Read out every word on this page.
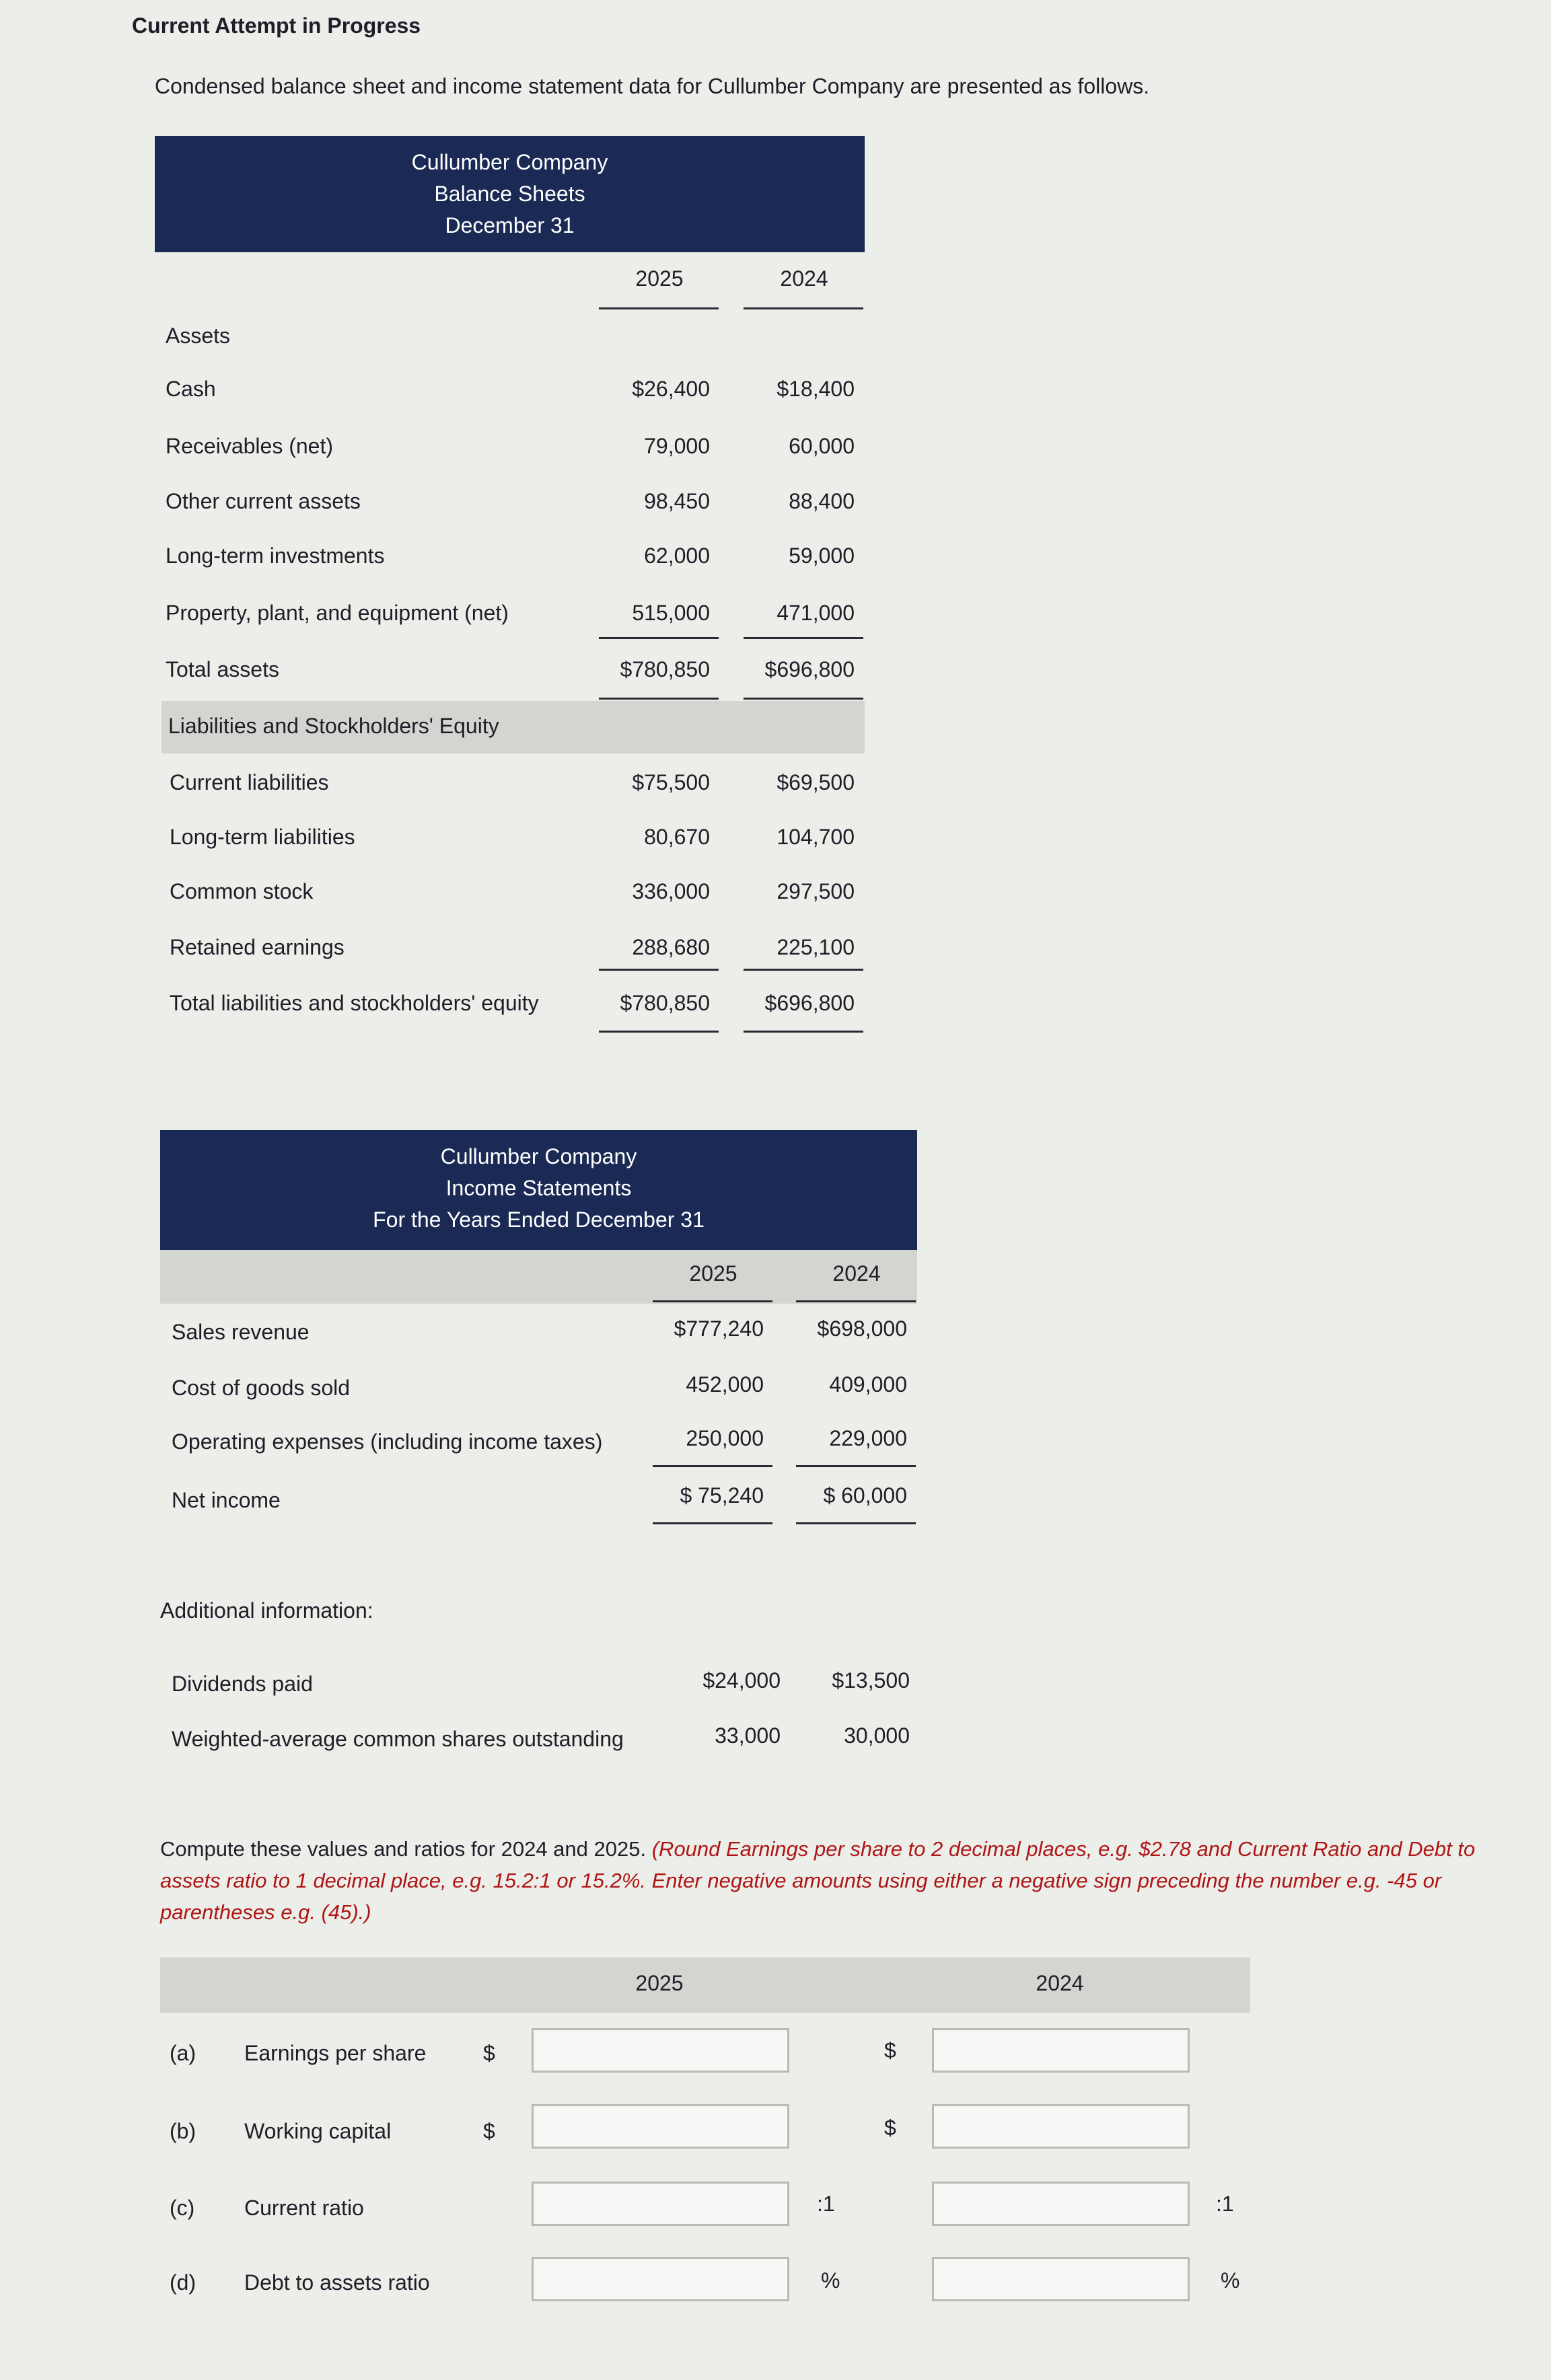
Current Attempt in Progress
Condensed balance sheet and income statement data for Cullumber Company are presented as follows.
Cullumber Company
Balance Sheets
December 31
2025	2024
Assets
Cash	$26,400	$18,400
Receivables (net)	79,000	60,000
Other current assets	98,450	88,400
Long-term investments	62,000	59,000
Property, plant, and equipment (net)	515,000	471,000
Total assets	$780,850	$696,800
Liabilities and Stockholders' Equity
Current liabilities	$75,500	$69,500
Long-term liabilities	80,670	104,700
Common stock	336,000	297,500
Retained earnings	288,680	225,100
Total liabilities and stockholders' equity	$780,850	$696,800
Cullumber Company
Income Statements
For the Years Ended December 31
2025	2024
Sales revenue	$777,240	$698,000
Cost of goods sold	452,000	409,000
Operating expenses (including income taxes)	250,000	229,000
Net income	$ 75,240	$ 60,000
Additional information:
Dividends paid	$24,000	$13,500
Weighted-average common shares outstanding	33,000	30,000
Compute these values and ratios for 2024 and 2025. (Round Earnings per share to 2 decimal places, e.g. $2.78 and Current Ratio and Debt to assets ratio to 1 decimal place, e.g. 15.2:1 or 15.2%. Enter negative amounts using either a negative sign preceding the number e.g. -45 or parentheses e.g. (45).)
2025	2024
(a) Earnings per share	$	$
(b) Working capital	$	$
(c) Current ratio	:1	:1
(d) Debt to assets ratio	%	%
